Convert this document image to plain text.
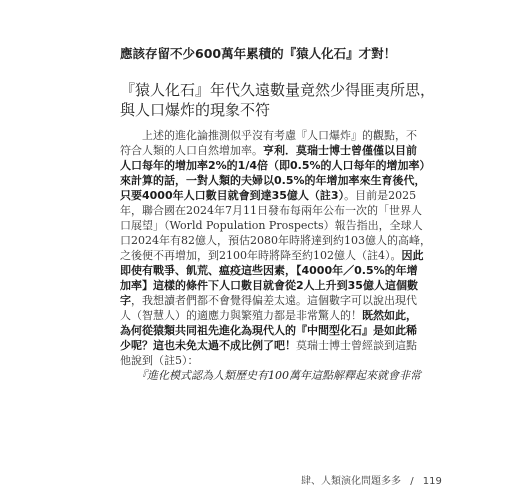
應該存留不少600萬年累積的『猿人化石』才對！
『猿人化石』年代久遠數量竟然少得匪夷所思，
與人口爆炸的現象不符
上述的進化論推測似乎沒有考慮『人口爆炸』的觀點，不
符合人類的人口自然增加率。亨利．莫瑞士博士曾僅僅以目前
人口每年的增加率2%的1/4倍（即0.5%的人口每年的增加率）
來計算的話，一對人類的夫婦以0.5%的年增加率來生育後代，
只要4000年人口數目就會到達35億人（註3）。目前是2025
年，聯合國在2024年7月11日發布每兩年公布一次的「世界人
口展望」（World Population Prospects）報告指出，全球人
口2024年有82億人，預估2080年時將達到約103億人的高峰，
之後便不再增加，到2100年時將降至約102億人（註4）。因此
即使有戰爭、飢荒、瘟疫這些因素，【4000年／0.5%的年增
加率】這樣的條件下人口數目就會從2人上升到35億人這個數
字，我想讀者們都不會覺得偏差太遠。這個數字可以說出現代
人（智慧人）的適應力與繁殖力都是非常驚人的！既然如此，
為何從猿類共同祖先進化為現代人的『中間型化石』是如此稀
少呢？這也未免太過不成比例了吧！莫瑞士博士曾經談到這點
他說到（註5）：
『進化模式認為人類歷史有100萬年這點解釋起來就會非常
肆、人類演化問題多多 / 119
